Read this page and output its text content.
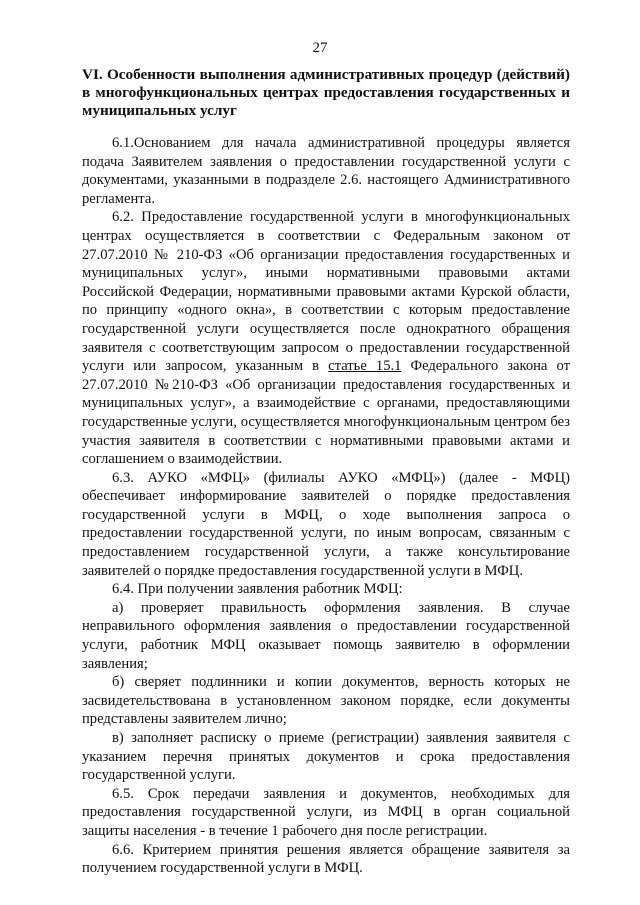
27
VI. Особенности выполнения административных процедур (действий) в многофункциональных центрах предоставления государственных и муниципальных услуг

6.1.Основанием для начала административной процедуры является подача Заявителем заявления о предоставлении государственной услуги с документами, указанными в подразделе 2.6. настоящего Административного регламента.

6.2. Предоставление государственной услуги в многофункциональных центрах осуществляется в соответствии с Федеральным законом от 27.07.2010 № 210-ФЗ «Об организации предоставления государственных и муниципальных услуг», иными нормативными правовыми актами Российской Федерации, нормативными правовыми актами Курской области, по принципу «одного окна», в соответствии с которым предоставление государственной услуги осуществляется после однократного обращения заявителя с соответствующим запросом о предоставлении государственной услуги или запросом, указанным в статье 15.1 Федерального закона от 27.07.2010 №210-ФЗ «Об организации предоставления государственных и муниципальных услуг», а взаимодействие с органами, предоставляющими государственные услуги, осуществляется многофункциональным центром без участия заявителя в соответствии с нормативными правовыми актами и соглашением о взаимодействии.

6.3. АУКО «МФЦ» (филиалы АУКО «МФЦ») (далее - МФЦ) обеспечивает информирование заявителей о порядке предоставления государственной услуги в МФЦ, о ходе выполнения запроса о предоставлении государственной услуги, по иным вопросам, связанным с предоставлением государственной услуги, а также консультирование заявителей о порядке предоставления государственной услуги в МФЦ.

6.4. При получении заявления работник МФЦ:

а) проверяет правильность оформления заявления. В случае неправильного оформления заявления о предоставлении государственной услуги, работник МФЦ оказывает помощь заявителю в оформлении заявления;

б) сверяет подлинники и копии документов, верность которых не засвидетельствована в установленном законом порядке, если документы представлены заявителем лично;

в) заполняет расписку о приеме (регистрации) заявления заявителя с указанием перечня принятых документов и срока предоставления государственной услуги.

6.5. Срок передачи заявления и документов, необходимых для предоставления государственной услуги, из МФЦ в орган социальной защиты населения - в течение 1 рабочего дня после регистрации.

6.6. Критерием принятия решения является обращение заявителя за получением государственной услуги в МФЦ.
